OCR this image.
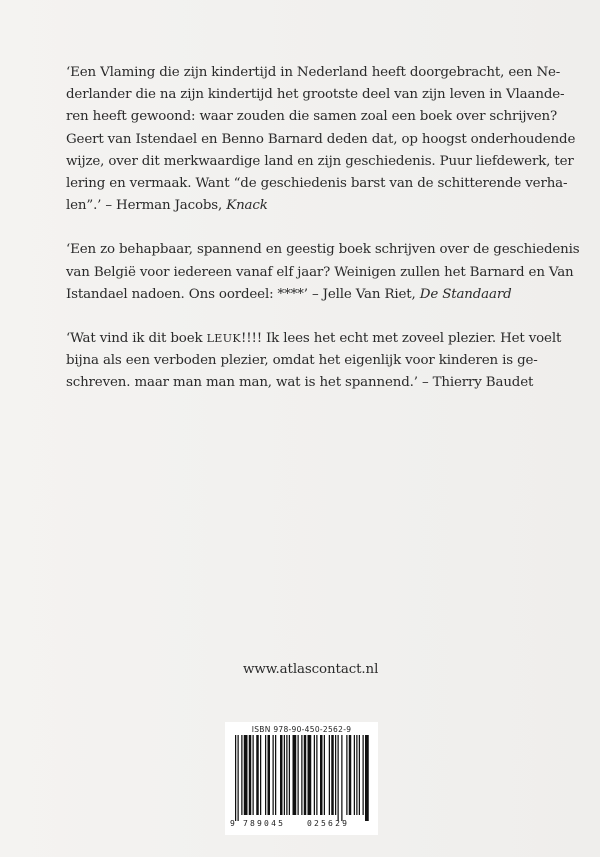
‘Een Vlaming die zijn kindertijd in Nederland heeft doorgebracht, een Ne-
derlander die na zijn kindertijd het grootste deel van zijn leven in Vlaande-
ren heeft gewoond: waar zouden die samen zoal een boek over schrijven?
Geert van Istendael en Benno Barnard deden dat, op hoogst onderhoudende
wijze, over dit merkwaardige land en zijn geschiedenis. Puur liefdewerk, ter
lering en vermaak. Want “de geschiedenis barst van de schitterende verha-
len”.’ – Herman Jacobs, Knack

‘Een zo behapbaar, spannend en geestig boek schrijven over de geschiedenis
van België voor iedereen vanaf elf jaar? Weinigen zullen het Barnard en Van
Istandael nadoen. Ons oordeel: ****’ – Jelle Van Riet, De Standaard

‘Wat vind ik dit boek LEUK!!!! Ik lees het echt met zoveel plezier. Het voelt
bijna als een verboden plezier, omdat het eigenlijk voor kinderen is ge-
schreven. maar man man man, wat is het spannend.’ – Thierry Baudet

www.atlascontact.nl
ISBN 978-90-450-2562-9
9 789045	025629
